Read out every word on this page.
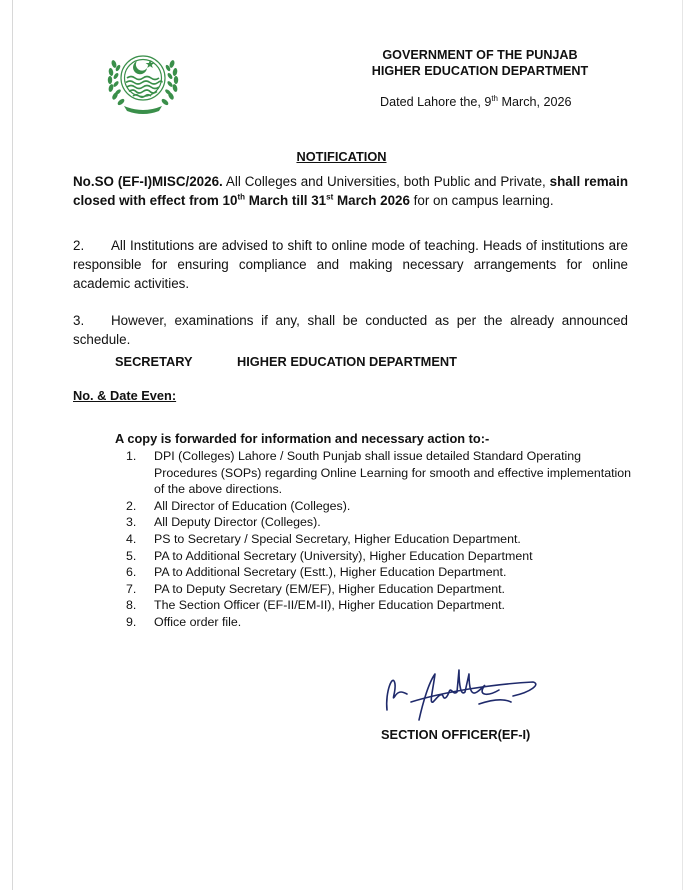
GOVERNMENT OF THE PUNJAB
HIGHER EDUCATION DEPARTMENT
Dated Lahore the, 9th March, 2026
NOTIFICATION
No.SO (EF-I)MISC/2026. All Colleges and Universities, both Public and Private, shall remain closed with effect from 10th March till 31st March 2026 for on campus learning.
2. All Institutions are advised to shift to online mode of teaching. Heads of institutions are responsible for ensuring compliance and making necessary arrangements for online academic activities.
3. However, examinations if any, shall be conducted as per the already announced schedule.
SECRETARY	HIGHER EDUCATION DEPARTMENT
No. & Date Even:
A copy is forwarded for information and necessary action to:-
1. DPI (Colleges) Lahore / South Punjab shall issue detailed Standard Operating Procedures (SOPs) regarding Online Learning for smooth and effective implementation of the above directions.
2. All Director of Education (Colleges).
3. All Deputy Director (Colleges).
4. PS to Secretary / Special Secretary, Higher Education Department.
5. PA to Additional Secretary (University), Higher Education Department
6. PA to Additional Secretary (Estt.), Higher Education Department.
7. PA to Deputy Secretary (EM/EF), Higher Education Department.
8. The Section Officer (EF-II/EM-II), Higher Education Department.
9. Office order file.
SECTION OFFICER(EF-I)
